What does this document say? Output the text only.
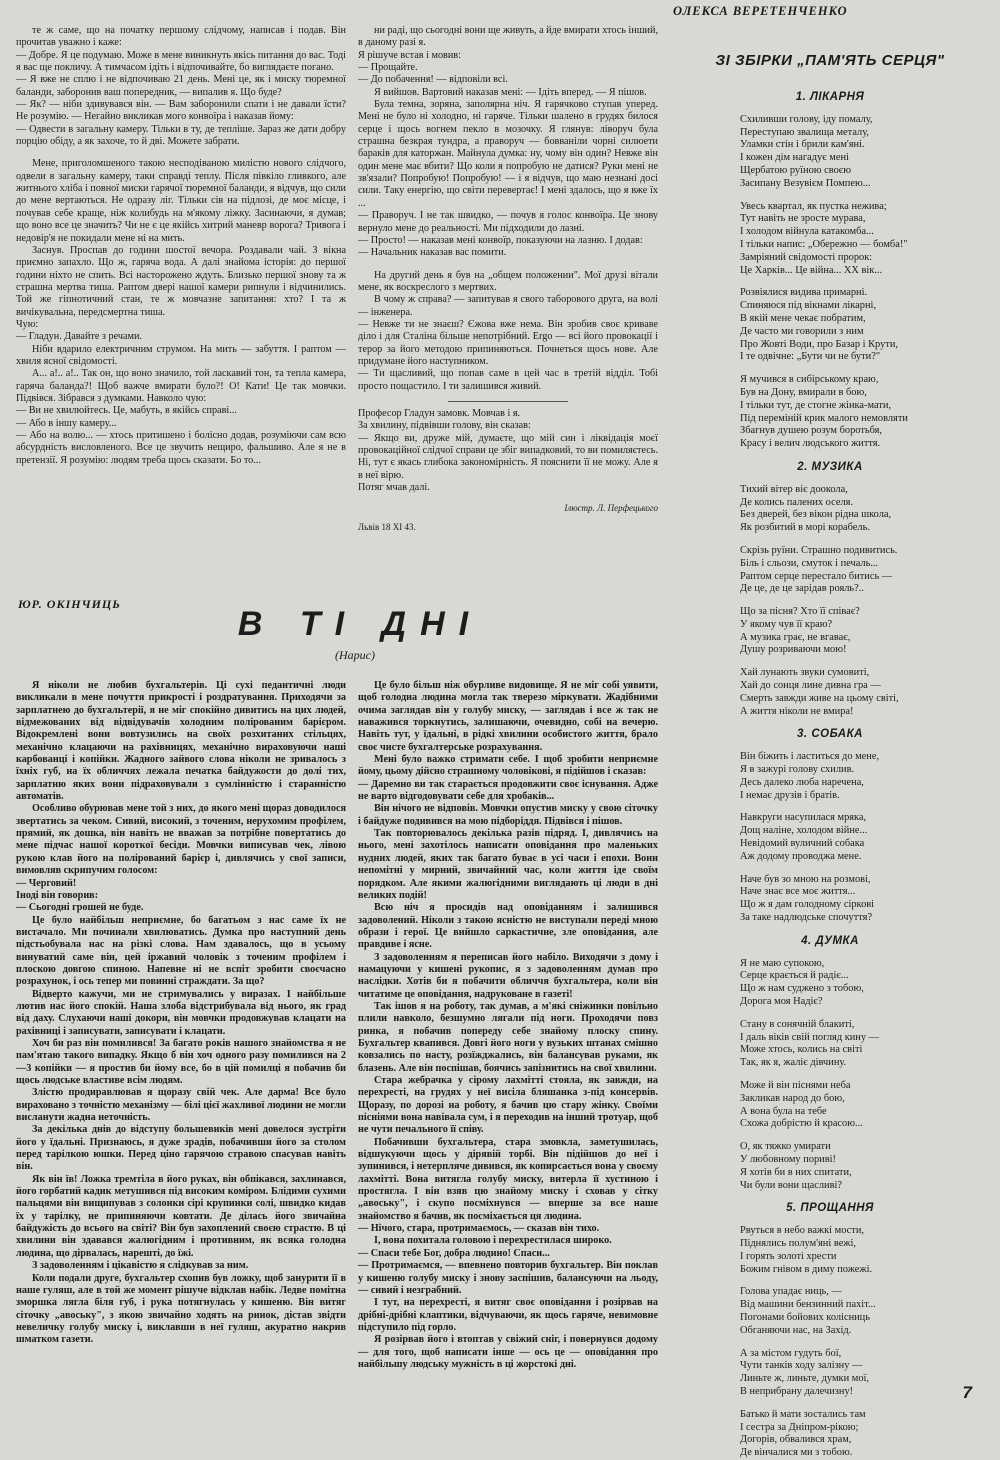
те ж саме, що на початку першому слідчому, написав і подав. Він прочитав уважно і каже:

— Добре. Я це подумаю. Може в мене виникнуть якісь питання до вас. Тоді я вас ще покличу. А тимчасом ідіть і відпочивайте, бо виглядаєте погано.

— Я вже не сплю і не відпочиваю 21 день. Мені це, як і миску тюремної баланди, заборонив ваш попередник, — випалив я. Що буде?

— Як? — ніби здивувався він. — Вам заборонили спати і не давали їсти? Не розумію. — Негайно викликав мого конвоїра і наказав йому:

— Одвести в загальну камеру. Тільки в ту, де тепліше. Зараз же дати добру порцію обіду, а як захоче, то й дві. Можете забрати.

Мене, приголомшеного такою несподіваною милістю нового слідчого, одвели в загальну камеру, таки справді теплу. Після півкіло гливкого, але житнього хліба і повної миски гарячої тюремної баланди, я відчув, що сили до мене вертаються. Не одразу ліг. Тільки сів на підлозі, де моє місце, і почував себе краще, ніж колибудь на м'якому ліжку. Засинаючи, я думав; що воно все це значить? Чи не є це якійсь хитрий маневр ворога? Тривога і недовір'я не покидали мене ні на мить.

Заснув. Проспав до години шостої вечора. Роздавали чай. З вікна приємно запахло. Що ж, гаряча вода. А далі знайома історія: до першої години ніхто не спить. Всі насторожено ждуть. Близько першої знову та ж страшна мертва тиша. Раптом двері нашої камери рипнули і відчинились. Той же гіпнотичний стан, те ж мовчазне запитання: хто? І та ж вичікувальна, передсмертна тиша.

Чую:

— Гладун. Давайте з речами.

Ніби вдарило електричним струмом. На мить — забуття. І раптом — хвиля ясної свідомості.

А... а!.. а!.. Так он, що воно значило, той ласкавий тон, та тепла камера, гаряча баланда?! Щоб важче вмирати було?! О! Кати! Це так мовчки. Підвівся. Зібрався з думками. Навколо чую:

— Ви не хвилюйтесь. Це, мабуть, в якійсь справі...

— Або в іншу камеру...

— Або на волю... — хтось притишено і болісно додав, розуміючи сам всю абсурдність висловленого. Все це звучить нещиро, фальшиво. Але я не в претензії. Я розумію: людям треба щось сказати. Бо то...

ни раді, що сьогодні вони ще живуть, а йде вмирати хтось інший, в даному разі я.

Я рішуче встав і мовив:

— Прощайте.

— До побачення! — відповіли всі.

Я вийшов. Вартовий наказав мені: — Ідіть вперед. — Я пішов.

Була темна, зоряна, заполярна ніч. Я гарячково ступав уперед. Мені не було ні холодно, ні гаряче. Тільки шалено в грудях билося серце і щось вогнем пекло в мозочку. Я глянув: ліворуч була страшна безкрая тундра, а праворуч — бовваніли чорні силюети бараків для каторжан. Майнула думка: ну, чому він один? Невже він один мене має вбити? Що коли я попробую не датися? Руки мені не зв'язали? Попробую! Попробую! — і я відчув, що маю незнані досі сили. Таку енергію, що світи перевертає! І мені здалось, що я вже їх ...

— Праворуч. І не так швидко, — почув я голос конвоїра. Це знову вернуло мене до реальності. Ми підходили до лазні.

— Просто! — наказав мені конвоїр, показуючи на лазню. І додав:

— Начальник наказав вас помити.

На другий день я був на „общем положении". Мої друзі вітали мене, як воскреслого з мертвих.

В чому ж справа? — запитував я свого таборового друга, на волі — інженера.

— Невже ти не знаєш? Єжова вже нема. Він зробив своє криваве діло і для Сталіна більше непотрібний. Ergo — всі його провокації і терор за його методою припиняються. Почнеться щось нове. Але придумане його наступником.

— Ти щасливий, що попав саме в цей час в третій відділ. Тобі просто пощастило. І ти залишився живий.

Професор Гладун замовк. Мовчав і я.

За хвилину, підвівши голову, він сказав:

— Якщо ви, друже мій, думаєте, що мій син і ліквідація моєї провокаційної слідчої справи це збіг випадковий, то ви помиляєтесь. Ні, тут є якась глибока закономірність. Я пояснити її не можу. Але я в неї вірю.

Потяг мчав далі.

Ілюстр. Л. Перфецького

Львів 18 XI 43.

ЮР. ОКІНЧИЦЬ
В ТІ ДНІ
(Нарис)

Я ніколи не любив бухгальтерів. Ці сухі педантичні люди викликали в мене почуття прикрості і роздратування. Приходячи за зарплатнею до бухгальтерії, я не міг спокійно дивитись на цих людей, відмежованих від відвідувачів холодним полірованим барієром. Відокремлені вони вовтузились на своїх розхитаних стільцях, механічно клацаючи на рахівницях, механічно вираховуючи наші карбованці і копійки. Жадного зайвого слова ніколи не зривалось з їхніх губ, на їх обличчях лежала печатка байдужости до долі тих, зарплатню яких вони підраховували з сумлінністю і старанністю автоматів.

Особливо обурював мене той з них, до якого мені щораз доводилося звертатись за чеком. Сивий, високий, з точеним, нерухомим профілем, прямий, як дошка, він навіть не вважав за потрібне повертатись до мене підчас нашої короткої бесіди. Мовчки виписував чек, лівою рукою клав його на полірований барієр і, дивлячись у свої записи, вимовляв скрипучим голосом:

— Черговий!

Іноді він говорив:

— Сьогодні грошей не буде.

Це було найбільш неприємне, бо багатьом з нас саме їх не вистачало. Ми починали хвилюватись. Думка про наступний день підстьобувала нас на різкі слова. Нам здавалось, що в усьому винуватий саме він, цей іржавий чоловік з точеним профілем і плоскою довгою спиною. Напевне ні не вспіт зробити своєчасно розрахунок, і ось тепер ми повинні страждати. За що?

Відверто кажучи, ми не стримувались у виразах. І найбільше лютив нас його спокій. Наша злоба відстрибувала від нього, як град від даху. Слухаючи наші докори, він мовчки продовжував клацати на рахівниці і записувати, записувати і клацати.

Хоч би раз він помилився! За багато років нашого знайомства я не пам'ятаю такого випадку. Якщо б він хоч одного разу помилився на 2—3 копійки — я простив би йому все, бо в цій помилці я побачив би щось людське властиве всім людям.

Злістю продиравлював я щоразу свій чек. Але дарма! Все було вираховано з точністю механізму — білі цієї жахливої людини не могли висланути жадна неточність.

За декілька днів до відступу большевиків мені довелося зустріти його у їдальні. Признаюсь, я дуже зрадів, побачивши його за столом перед тарілкою юшки. Перед ціно гарячою стравою спасував навіть він.

Як він їв! Ложка тремтіла в його руках, він обпікався, захлинався, його горбатий кадик метушився під високим коміром. Блідими сухими пальцями він вищипував з солонки сірі крупинки солі, швидко кидав їх у тарілку, не припиняючи ковтати. Де ділась його звичайна байдужість до всього на світі? Він був захоплений своєю страстю. В ці хвилини він здавався жалюгідним і противним, як всяка голодна людина, що дірвалась, нарешті, до їжі.

З задоволенням і цікавістю я слідкував за ним.

Коли подали друге, бухгальтер схопив був ложку, щоб занурити її в наше гуляш, але в той же момент рішуче відклав набік. Ледве помітна зморшка лягла біля губ, і рука потягнулась у кишеню. Він витяг сіточку „авоську", з якою звичайно ходять на ринок, дістав звідти невеличку голубу миску і, виклавши в неї гуляш, акуратно накрив шматком газети.

Це було більш ніж обурливе видовище. Я не міг собі уявити, щоб голодна людина могла так тверезо міркувати. Жадібними очима заглядав він у голубу миску, — заглядав і все ж так не наважився торкнутись, залишаючи, очевидно, собі на вечерю. Навіть тут, у їдальні, в рідкі хвилини особистого життя, брало своє чисте бухгалтерське розрахування.

Мені було важко стримати себе. І щоб зробити неприємне йому, цьому дійсно страшному чоловікові, я підійшов і сказав:

— Даремно ви так старається продовжити своє існування. Адже не варто відгодовувати себе для хробаків...

Він нічого не відповів. Мовчки опустив миску у свою сіточку і байдуже подивився на мою підборіддя. Підвівся і пішов.

Так повторювалось декілька разів підряд. І, дивлячись на нього, мені захотілось написати оповідання про маленьких нудних людей, яких так багато буває в усі часи і епохи. Вони непомітні у мирний, звичайний час, коли життя іде своїм порядком. Але якими жалюгідними виглядають ці люди в дні великих подій!

Всю ніч я просидів над оповіданням і залишився задоволений. Ніколи з такою ясністю не виступали переді мною образи і герої. Це вийшло саркастичне, зле оповідання, але правдиве і ясне.

З задоволенням я переписав його набіло. Виходячи з дому і намацуючи у кишені рукопис, я з задоволенням думав про наслідки. Хотів би я побачити обличчя бухгальтера, коли він читатиме це оповідання, надруковане в газеті!

Так ішов я на роботу, так думав, а м'які сніжинки повільно плили навколо, безшумно лягали під ноги. Проходячи повз ринка, я побачив попереду себе знайому плоску спину. Бухгальтер квапився. Довгі його ноги у вузьких штанах смішно ковзались по насту, розїжджались, він балансував руками, як блазень. Але він поспішав, боячись запізнитись на свої хвилини.

Стара жебрачка у сірому лахмітті стояла, як завжди, на перехресті, на грудях у неї висіла бляшанка з-під консервів. Щоразу, по дорозі на роботу, я бачив цю стару жінку. Своїми пісніями вона навівала сум, і я переходив на інший тротуар, щоб не чути печального її співу.

Побачивши бухгальтера, стара змовкла, заметушилась, відшукуючи щось у дірявій торбі. Він підійшов до неї і зупинився, і нетерпляче дивився, як копирсається вона у своєму лахмітті. Вона витягла голубу миску, витерла її хустиною і простягла. І він взяв цю знайому миску і сховав у сітку „авоську", і скупо посміхнувся — вперше за все наше знайомство я бачив, як посміхається ця людина.

— Нічого, стара, протримаємось, — сказав він тихо.

І, вона похитала головою і перехрестилася широко.

— Спаси тебе Бог, добра людино! Спаси...

— Протримаємся, — впевнено повторив бухгальтер. Він поклав у кишеню голубу миску і знову заспішив, балансуючи на льоду, — сивий і незграбний.

І тут, на перехресті, я витяг своє оповідання і розірвав на дрібні-дрібні клаптики, відчуваючи, як щось гаряче, невимовне підступило під горло.

Я розірвав його і втоптав у свіжий сніг, і повернувся додому — для того, щоб написати інше — ось це — оповідання про найбільшу людську мужність в ці жорстокі дні.

ОЛЕКСА ВЕРЕТЕНЧЕНКО
ЗІ ЗБІРКИ „ПАМ'ЯТЬ СЕРЦЯ"
1. ЛІКАРНЯ
Схиливши голову, іду помалу,
Переступаю звалища металу,
Уламки стін і брили кам'яні.
І кожен дім нагадує мені
Щербатою руїною своєю
Засипану Везувієм Помпею...
Увесь квартал, як пустка нежива;
Тут навіть не зросте мурава,
І холодом війнула катакомба...
І тільки напис: „Обережно — бомба!"
Замріяний свідомості пророк:
Це Харків... Це війна... XX вік...
Розвіялися видива примарні.
Спиняюся під вікнами лікарні,
В якій мене чекає побратим,
Де часто ми говорили з ним
Про Жовті Води, про Базар і Крути,
І те одвічне: „Бути чи не бути?"
Я мучився в сибірському краю,
Був на Дону, вмирали в бою,
І тільки тут, де стогне жінка-мати,
Під переміній крик малого немовляти
Збагнув душею розум боротьбя,
Красу і велич людського життя.
2. МУЗИКА
Тихий вітер віє доокола,
Де колись палених оселя.
Без дверей, без вікон рідна школа,
Як розбитий в морі корабель.
Скрізь руїни. Страшно подивитись.
Біль і сльози, смуток і печаль...
Раптом серце перестало битись —
Де це, де це зарідав рояль?..
Що за пісня? Хто її співає?
У якому чув її краю?
А музика грає, не вгаває,
Душу розриваючи мою!
Хай лунають звуки сумовиті,
Хай до сонця лине дивна гра —
Смерть завжди живе на цьому світі,
А життя ніколи не вмира!
3. СОБАКА
Він біжить і ластиться до мене,
Я в зажурі голову схилив.
Десь далеко люба наречена,
І немає друзів і братів.
Навкруги насупилася мряка,
Дощ наліне, холодом війне...
Невідомий вуличний собака
Аж додому проводжа мене.
Наче був зо мною на розмові,
Наче знає все моє життя...
Що ж я дам голодному сіркові
За таке надлюдське спочуття?
4. ДУМКА
Я не маю супокою,
Серце крається й радіє...
Що ж нам суджено з тобою,
Дорога моя Надіє?
Стану в сонячній блакиті,
І даль віків свій погляд кину —
Може хтось, колись на світі
Так, як я, жаліє дівчину.
Може й він піснями неба
Закликав народ до бою,
А вона була на тебе
Схожа добрістю й красою...
О, як тяжко умирати
У любовному пориві!
Я хотів би в них спитати,
Чи були вони щасливі?
5. ПРОЩАННЯ
Рвуться в небо важкі мости,
Піднялись полум'яні вежі,
І горять золоті хрести
Божим гнівом в диму пожежі.
Голова упадає ниць, —
Від машини бензинний пахіт...
Погонами бойових колісниць
Обганяючи нас, на Захід.
А за містом гудуть бої,
Чути танків ходу залізну —
Линьте ж, линьте, думки мої,
В неприбрану далечизну!
Батько й мати зостались там
І сестра за Дніпром-рікою;
Догорів, обвалився храм,
Де вінчалися ми з тобою.
7
